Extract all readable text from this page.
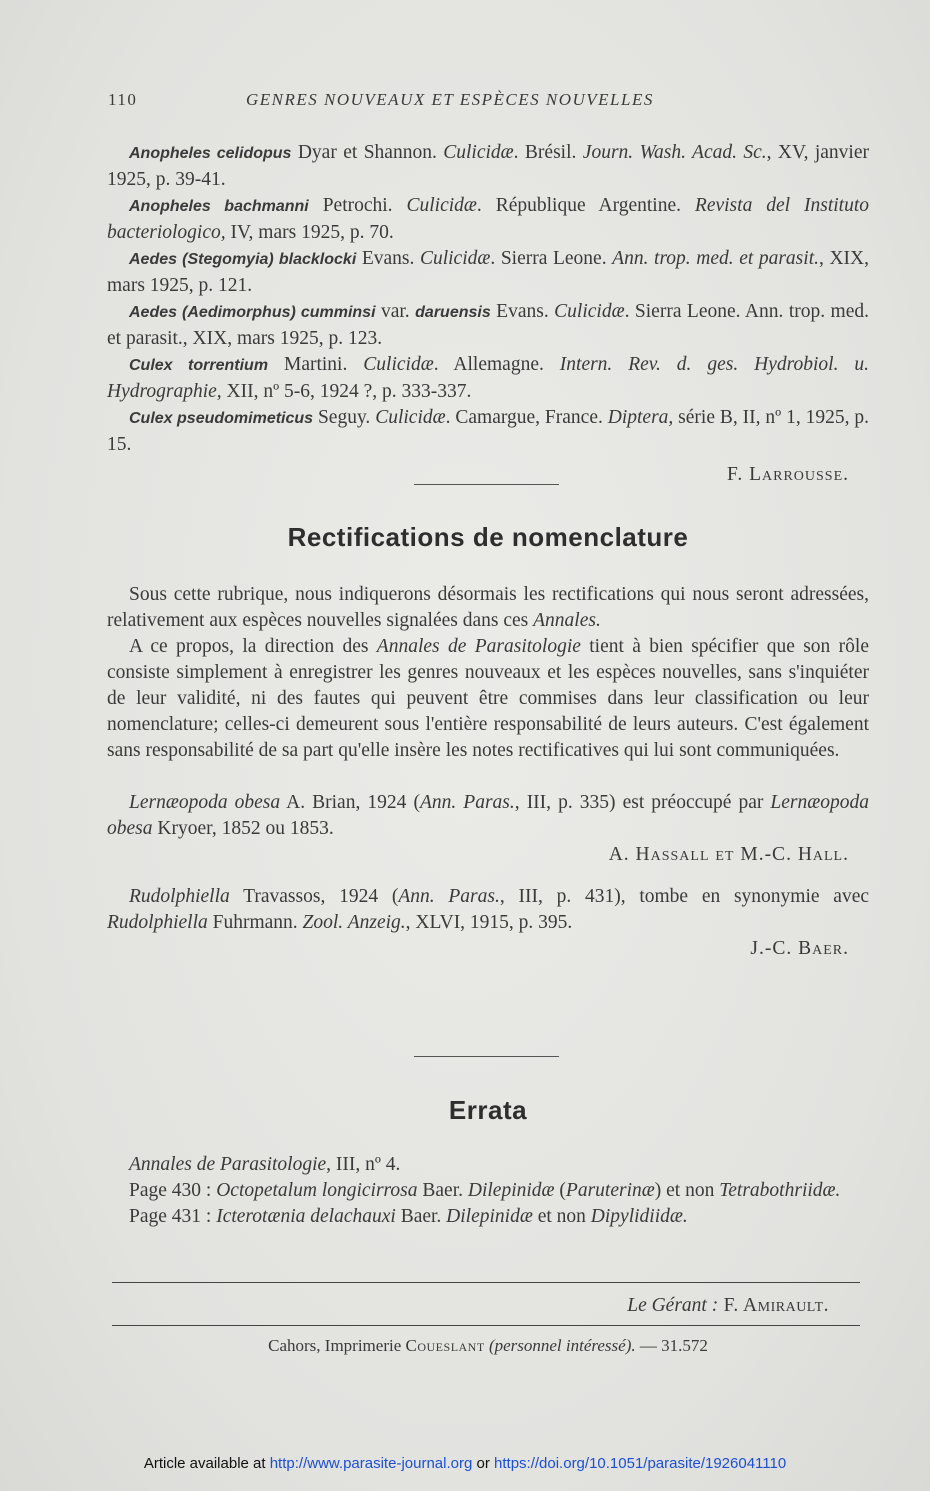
110	GENRES NOUVEAUX ET ESPÈCES NOUVELLES

Anopheles celidopus Dyar et Shannon. Culicidæ. Brésil. Journ. Wash. Acad. Sc., XV, janvier 1925, p. 39-41.

Anopheles bachmanni Petrochi. Culicidæ. République Argentine. Revista del Instituto bacteriologico, IV, mars 1925, p. 70.

Aedes (Stegomyia) blacklocki Evans. Culicidæ. Sierra Leone. Ann. trop. med. et parasit., XIX, mars 1925, p. 121.

Aedes (Aedimorphus) cumminsi var. daruensis Evans. Culicidæ. Sierra Leone. Ann. trop. med. et parasit., XIX, mars 1925, p. 123.

Culex torrentium Martini. Culicidæ. Allemagne. Intern. Rev. d. ges. Hydrobiol. u. Hydrographie, XII, nº 5-6, 1924 ?, p. 333-337.

Culex pseudomimeticus Seguy. Culicidæ. Camargue, France. Diptera, série B, II, nº 1, 1925, p. 15.

F. Larrousse.

Rectifications de nomenclature

Sous cette rubrique, nous indiquerons désormais les rectifications qui nous seront adressées, relativement aux espèces nouvelles signalées dans ces Annales.

A ce propos, la direction des Annales de Parasitologie tient à bien spécifier que son rôle consiste simplement à enregistrer les genres nouveaux et les espèces nouvelles, sans s'inquiéter de leur validité, ni des fautes qui peuvent être commises dans leur classification ou leur nomenclature; celles-ci demeurent sous l'entière responsabilité de leurs auteurs. C'est également sans responsabilité de sa part qu'elle insère les notes rectificatives qui lui sont communiquées.

Lernæopoda obesa A. Brian, 1924 (Ann. Paras., III, p. 335) est préoccupé par Lernæopoda obesa Kryoer, 1852 ou 1853.

A. Hassall et M.-C. Hall.

Rudolphiella Travassos, 1924 (Ann. Paras., III, p. 431), tombe en synonymie avec Rudolphiella Fuhrmann. Zool. Anzeig., XLVI, 1915, p. 395.

J.-C. Baer.

Errata

Annales de Parasitologie, III, nº 4.

Page 430 : Octopetalum longicirrosa Baer. Dilepinidæ (Paruterinæ) et non Tetrabothriidæ.

Page 431 : Icterotænia delachauxi Baer. Dilepinidæ et non Dipylidiidæ.

Le Gérant : F. Amirault.
Cahors, Imprimerie Coueslant (personnel intéressé). — 31.572
Article available at http://www.parasite-journal.org or https://doi.org/10.1051/parasite/1926041110
